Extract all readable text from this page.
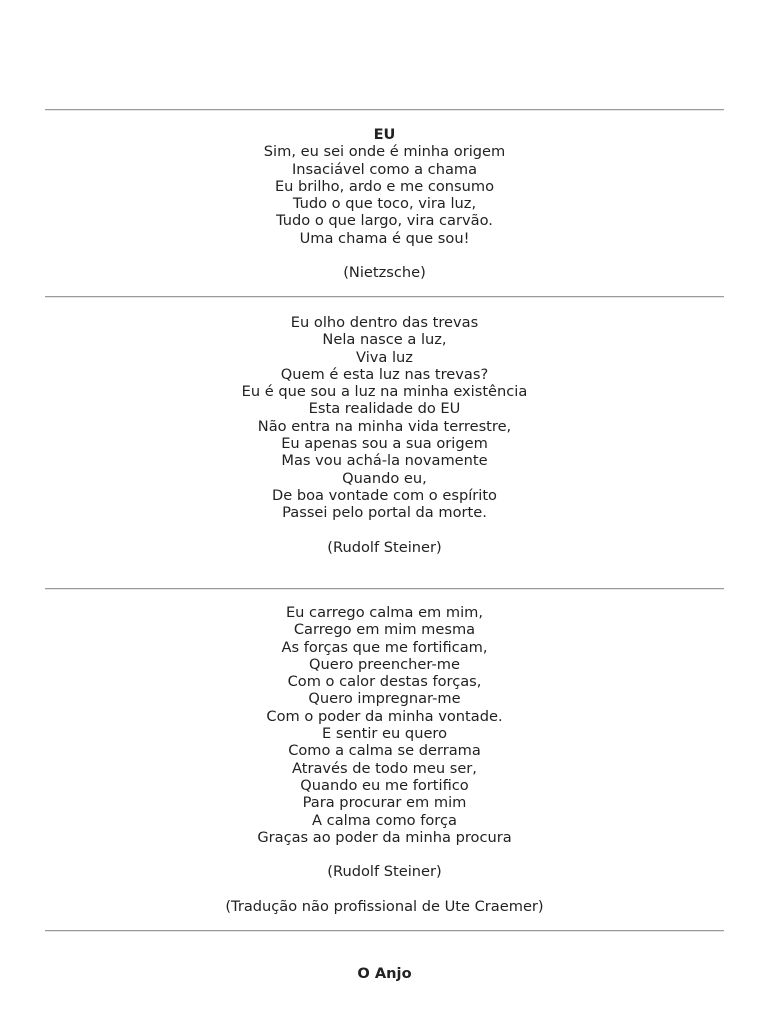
EU
Sim, eu sei onde é minha origem
Insaciável como a chama
Eu brilho, ardo e me consumo
Tudo o que toco, vira luz,
Tudo o que largo, vira carvão.
Uma chama é que sou!
(Nietzsche)
Eu olho dentro das trevas
Nela nasce a luz,
Viva luz
Quem é esta luz nas trevas?
Eu é que sou a luz na minha existência
Esta realidade do EU
Não entra na minha vida terrestre,
Eu apenas sou a sua origem
Mas vou achá-la novamente
Quando eu,
De boa vontade com o espírito
Passei pelo portal da morte.
(Rudolf Steiner)
Eu carrego calma em mim,
Carrego em mim mesma
As forças que me fortificam,
Quero preencher-me
Com o calor destas forças,
Quero impregnar-me
Com o poder da minha vontade.
E sentir eu quero
Como a calma se derrama
Através de todo meu ser,
Quando eu me fortifico
Para procurar em mim
A calma como força
Graças ao poder da minha procura
(Rudolf Steiner)
(Tradução não profissional de Ute Craemer)
O Anjo
